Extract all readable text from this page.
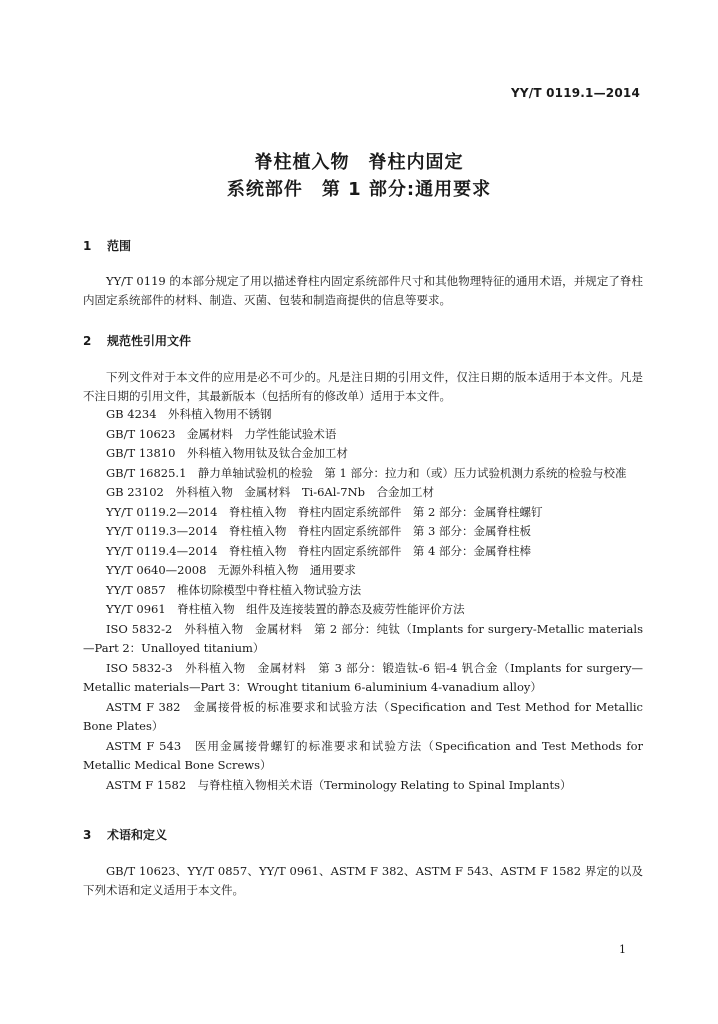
YY/T 0119.1—2014
脊柱植入物　脊柱内固定
系统部件　第 1 部分:通用要求
1 范围
YY/T 0119 的本部分规定了用以描述脊柱内固定系统部件尺寸和其他物理特征的通用术语，并规定了脊柱内固定系统部件的材料、制造、灭菌、包装和制造商提供的信息等要求。
2 规范性引用文件
下列文件对于本文件的应用是必不可少的。凡是注日期的引用文件，仅注日期的版本适用于本文件。凡是不注日期的引用文件，其最新版本（包括所有的修改单）适用于本文件。
GB 4234　外科植入物用不锈钢
GB/T 10623　金属材料　力学性能试验术语
GB/T 13810　外科植入物用钛及钛合金加工材
GB/T 16825.1　静力单轴试验机的检验　第 1 部分：拉力和（或）压力试验机测力系统的检验与校准
GB 23102　外科植入物　金属材料　Ti-6Al-7Nb　合金加工材
YY/T 0119.2—2014　脊柱植入物　脊柱内固定系统部件　第 2 部分：金属脊柱螺钉
YY/T 0119.3—2014　脊柱植入物　脊柱内固定系统部件　第 3 部分：金属脊柱板
YY/T 0119.4—2014　脊柱植入物　脊柱内固定系统部件　第 4 部分：金属脊柱棒
YY/T 0640—2008　无源外科植入物　通用要求
YY/T 0857　椎体切除模型中脊柱植入物试验方法
YY/T 0961　脊柱植入物　组件及连接装置的静态及疲劳性能评价方法
ISO 5832-2　外科植入物　金属材料　第 2 部分：纯钛（Implants for surgery-Metallic materials—Part 2：Unalloyed titanium）
ISO 5832-3　外科植入物　金属材料　第 3 部分：锻造钛-6 铝-4 钒合金（Implants for surgery—Metallic materials—Part 3：Wrought titanium 6-aluminium 4-vanadium alloy）
ASTM F 382　金属接骨板的标准要求和试验方法（Specification and Test Method for Metallic Bone Plates）
ASTM F 543　医用金属接骨螺钉的标准要求和试验方法（Specification and Test Methods for Metallic Medical Bone Screws）
ASTM F 1582　与脊柱植入物相关术语（Terminology Relating to Spinal Implants）
3 术语和定义
GB/T 10623、YY/T 0857、YY/T 0961、ASTM F 382、ASTM F 543、ASTM F 1582 界定的以及下列术语和定义适用于本文件。
1
